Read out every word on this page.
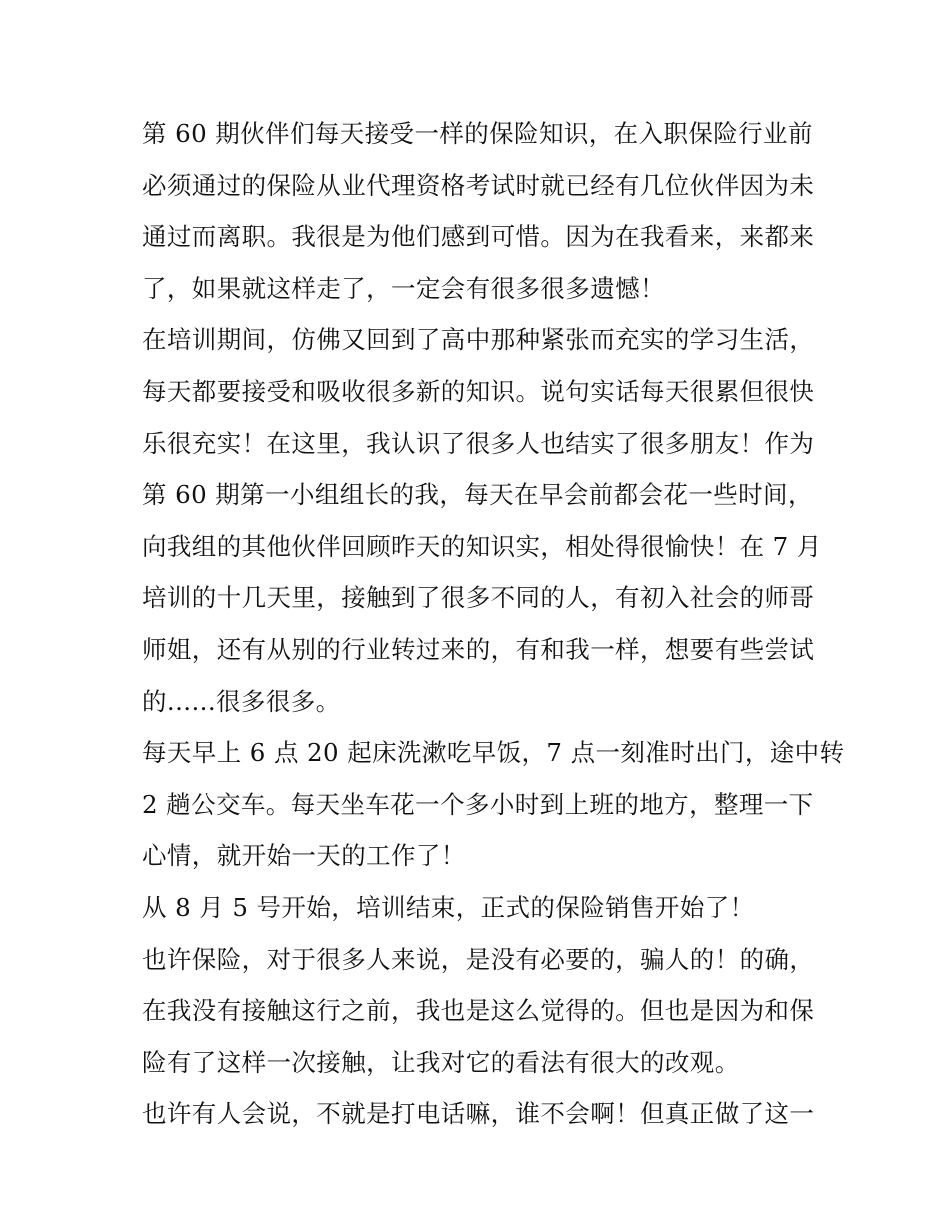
第 60 期伙伴们每天接受一样的保险知识，在入职保险行业前
必须通过的保险从业代理资格考试时就已经有几位伙伴因为未
通过而离职。我很是为他们感到可惜。因为在我看来，来都来
了，如果就这样走了，一定会有很多很多遗憾！
在培训期间，仿佛又回到了高中那种紧张而充实的学习生活，
每天都要接受和吸收很多新的知识。说句实话每天很累但很快
乐很充实！在这里，我认识了很多人也结实了很多朋友！作为
第 60 期第一小组组长的我，每天在早会前都会花一些时间，
向我组的其他伙伴回顾昨天的知识实，相处得很愉快！在 7 月
培训的十几天里，接触到了很多不同的人，有初入社会的师哥
师姐，还有从别的行业转过来的，有和我一样，想要有些尝试
的......很多很多。
每天早上 6 点 20 起床洗漱吃早饭，7 点一刻准时出门，途中转
2 趟公交车。每天坐车花一个多小时到上班的地方，整理一下
心情，就开始一天的工作了！
从 8 月 5 号开始，培训结束，正式的保险销售开始了！
也许保险，对于很多人来说，是没有必要的，骗人的！的确，
在我没有接触这行之前，我也是这么觉得的。但也是因为和保
险有了这样一次接触，让我对它的看法有很大的改观。
也许有人会说，不就是打电话嘛，谁不会啊！但真正做了这一
